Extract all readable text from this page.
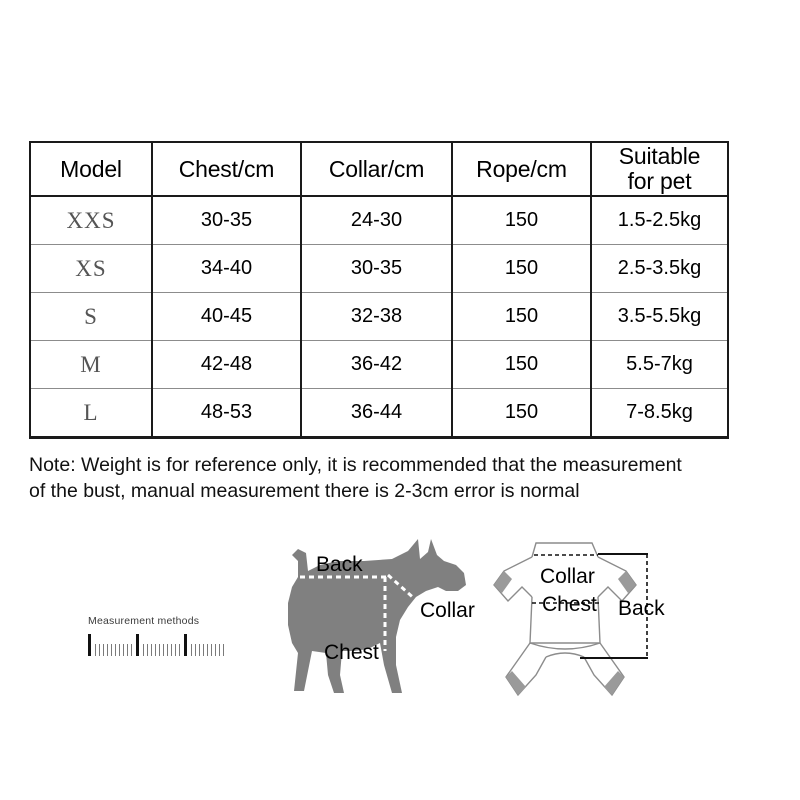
Model	Chest/cm	Collar/cm	Rope/cm	Suitable
for pet

XXS	30-35	24-30	150	1.5-2.5kg
XS	34-40	30-35	150	2.5-3.5kg
S	40-45	32-38	150	3.5-5.5kg
M	42-48	36-42	150	5.5-7kg
L	48-53	36-44	150	7-8.5kg
Note: Weight is for reference only, it is recommended that the measurement
of the bust, manual measurement there is 2-3cm error is normal
Measurement methods
Back
Collar
Chest
Collar
Chest Back
